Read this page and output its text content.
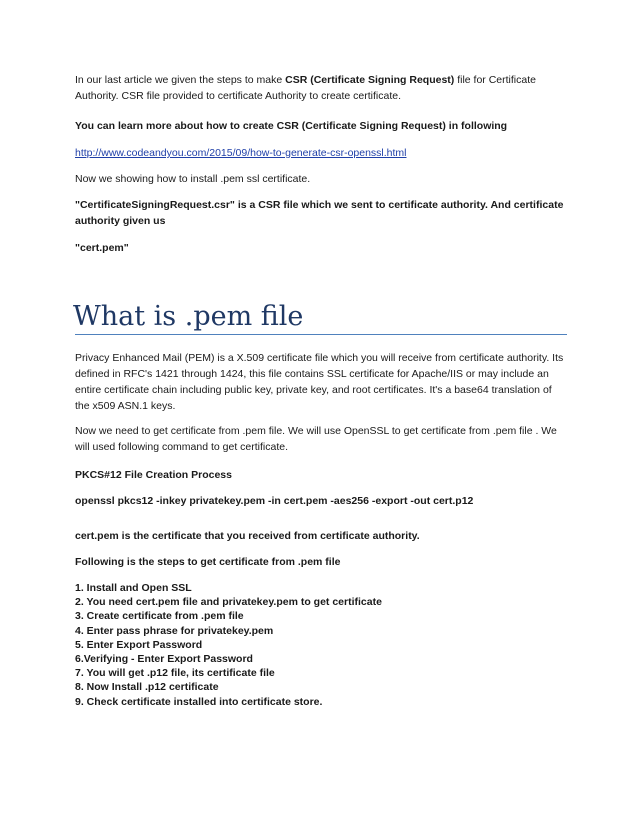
In our last article we given the steps to make CSR (Certificate Signing Request) file for Certificate Authority. CSR file provided to certificate Authority to create certificate.

You can learn more about how to create CSR (Certificate Signing Request) in following

http://www.codeandyou.com/2015/09/how-to-generate-csr-openssl.html

Now we showing how to install .pem ssl certificate.

"CertificateSigningRequest.csr" is a CSR file which we sent to certificate authority. And certificate authority given us

"cert.pem"

What is .pem file

Privacy Enhanced Mail (PEM) is a X.509 certificate file which you will receive from certificate authority. Its defined in RFC's 1421 through 1424, this file contains SSL certificate for Apache/IIS or may include an entire certificate chain including public key, private key, and root certificates. It's a base64 translation of the x509 ASN.1 keys.

Now we need to get certificate from .pem file. We will use OpenSSL to get certificate from .pem file . We will used following command to get certificate.

PKCS#12 File Creation Process

openssl pkcs12 -inkey privatekey.pem -in cert.pem -aes256 -export -out cert.p12

cert.pem is the certificate that you received from certificate authority.

Following is the steps to get certificate from .pem file

1. Install and Open SSL
2. You need cert.pem file and privatekey.pem to get certificate
3. Create certificate from .pem file
4. Enter pass phrase for privatekey.pem
5. Enter Export Password
6.Verifying - Enter Export Password
7. You will get .p12 file, its certificate file
8. Now Install .p12 certificate
9. Check certificate installed into certificate store.
